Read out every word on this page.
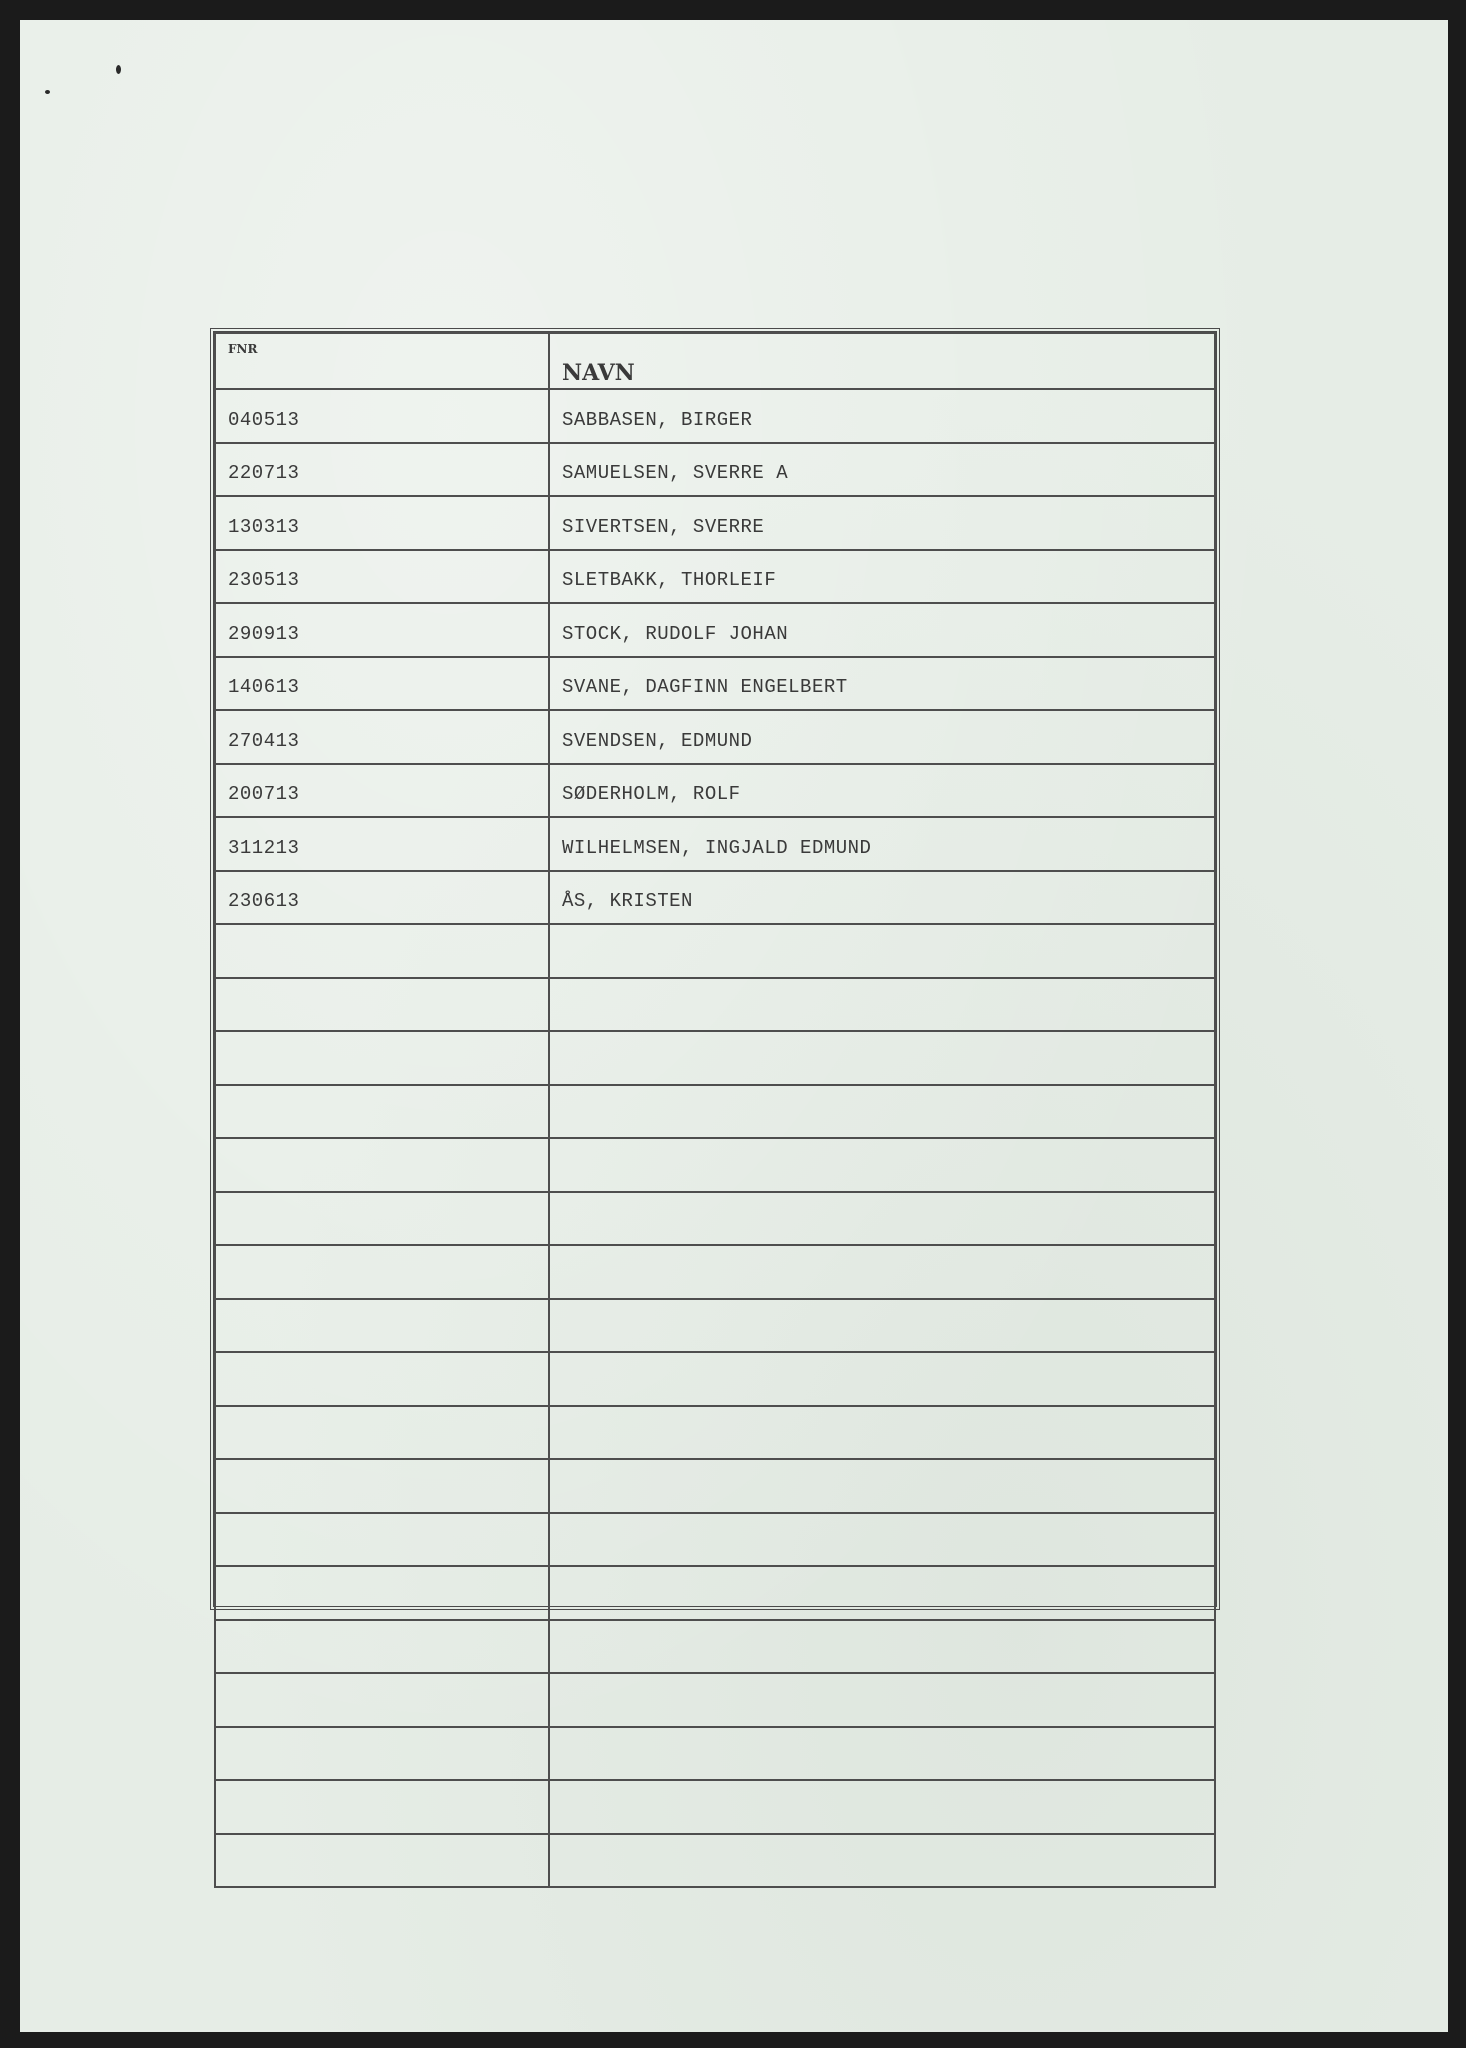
FNR	NAVN
040513	SABBASEN, BIRGER
220713	SAMUELSEN, SVERRE A
130313	SIVERTSEN, SVERRE
230513	SLETBAKK, THORLEIF
290913	STOCK, RUDOLF JOHAN
140613	SVANE, DAGFINN ENGELBERT
270413	SVENDSEN, EDMUND
200713	SØDERHOLM, ROLF
311213	WILHELMSEN, INGJALD EDMUND
230613	ÅS, KRISTEN
